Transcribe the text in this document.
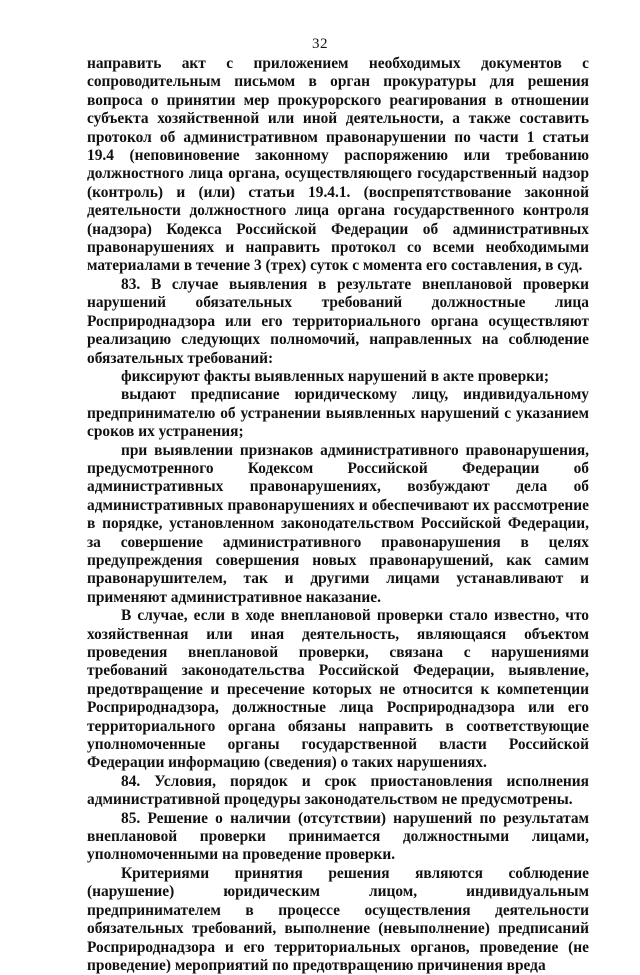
32

направить акт с приложением необходимых документов с сопроводительным письмом в орган прокуратуры для решения вопроса о принятии мер прокурорского реагирования в отношении субъекта хозяйственной или иной деятельности, а также составить протокол об административном правонарушении по части 1 статьи 19.4 (неповиновение законному распоряжению или требованию должностного лица органа, осуществляющего государственный надзор (контроль) и (или) статьи 19.4.1. (воспрепятствование законной деятельности должностного лица органа государственного контроля (надзора) Кодекса Российской Федерации об административных правонарушениях и направить протокол со всеми необходимыми материалами в течение 3 (трех) суток с момента его составления, в суд.

83. В случае выявления в результате внеплановой проверки нарушений обязательных требований должностные лица Росприроднадзора или его территориального органа осуществляют реализацию следующих полномочий, направленных на соблюдение обязательных требований:

фиксируют факты выявленных нарушений в акте проверки;

выдают предписание юридическому лицу, индивидуальному предпринимателю об устранении выявленных нарушений с указанием сроков их устранения;

при выявлении признаков административного правонарушения, предусмотренного Кодексом Российской Федерации об административных правонарушениях, возбуждают дела об административных правонарушениях и обеспечивают их рассмотрение в порядке, установленном законодательством Российской Федерации, за совершение административного правонарушения в целях предупреждения совершения новых правонарушений, как самим правонарушителем, так и другими лицами устанавливают и применяют административное наказание.

В случае, если в ходе внеплановой проверки стало известно, что хозяйственная или иная деятельность, являющаяся объектом проведения внеплановой проверки, связана с нарушениями требований законодательства Российской Федерации, выявление, предотвращение и пресечение которых не относится к компетенции Росприроднадзора, должностные лица Росприроднадзора или его территориального органа обязаны направить в соответствующие уполномоченные органы государственной власти Российской Федерации информацию (сведения) о таких нарушениях.

84. Условия, порядок и срок приостановления исполнения административной процедуры законодательством не предусмотрены.

85. Решение о наличии (отсутствии) нарушений по результатам внеплановой проверки принимается должностными лицами, уполномоченными на проведение проверки.

Критериями принятия решения являются соблюдение (нарушение) юридическим лицом, индивидуальным предпринимателем в процессе осуществления деятельности обязательных требований, выполнение (невыполнение) предписаний Росприроднадзора и его территориальных органов, проведение (не проведение) мероприятий по предотвращению причинения вреда
